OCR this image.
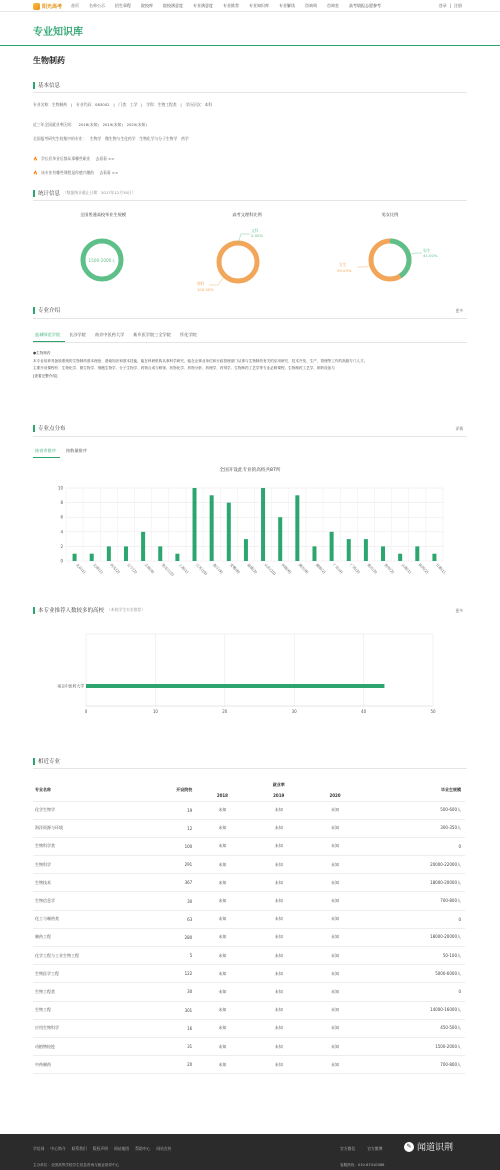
阳光高考	首页	名单公示	招生章程	院校库	院校满意度	专业满意度	专业推荐	专业知识库	专业解读	咨询周	咨询室	高考填报志愿参考	登录 | 注册
专业知识库
生物制药
基本信息
专业名称：生物制药　|　专业代码：083002　|　门类：工学　|　学科：生物工程类　|　学历层次：本科
近三年全国就业率区间：　2018(未知)　2019(未知)　2020(未知)
全国报考研究生较集中的专业：　生物学　微生物与生化药学　生物化学与分子生物学　药学
🔥 学长们毕业后都从事哪些职业 去看看 >>
🔥 该专业有哪些课程是你感兴趣的 去看看 >>
统计信息 （数据统计截止日期：2017年12月30日）
全国普通高校毕业生规模
1500-2000人
高考文理科比例
文科
0.00%
理科
100.00%
男女比例
男生
41.00%
女生
59.00%
专业介绍	更多
盐城师范学院	长沙学院	南京中医药大学	新乡医学院三全学院	怀化学院
●生物制药
本专业培养具备较系统的生物制药基本理论、基础知识和基本技能，能在科研机构从事科学研究，能在企事业单位和行政管理部门从事与生物制药有关的应用研究、技术开发、生产、管理等工作的高级专门人才。
主要开设课程有：生物化学、微生物学、细胞生物学、分子生物学、药物合成与修饰、药物化学、药物分析、药理学、药剂学、生物制药工艺学等专业必修课程，生物制药工艺学、制药设备与
[查看完整介绍]
专业点分布	详情
按省市排序	按数量排序
全国开设此专业的高校共87所
0
2
4
6
8
10
北京(1)	天津(1)	河北(2)	辽宁(2)	吉林(4)	黑龙江(2) 上海(1)	江苏(10)	浙江(9)	安徽(8)	福建(3)	山东(10)	河南(6)	湖北(9)	湖南(2)	广东(4)	广西(3)	重庆(3)	贵州(2)	云南(1)	陕西(2)	甘肃(1)
本专业推荐人数较多的高校 （本校学生实名推荐）	更多
0	10	20	30	40	50
南京中医药大学
相近专业
专业名称	开设院校	就业率			毕业生规模
		2018	2019	2020	
化学生物学	19	未知	未知	未知	500-600人
海洋资源与环境	12	未知	未知	未知	300-350人
生物科学类	100	未知	未知	未知	0
生物科学	291	未知	未知	未知	20000-22000人
生物技术	367	未知	未知	未知	18000-20000人
生物信息学	30	未知	未知	未知	700-800人
化工与制药类	63	未知	未知	未知	0
制药工程	280	未知	未知	未知	18000-20000人
化学工程与工业生物工程	5	未知	未知	未知	50-100人
生物医学工程	122	未知	未知	未知	5000-6000人
生物工程类	30	未知	未知	未知	0
生物工程	301	未知	未知	未知	14000-16000人
应用生物科学	16	未知	未知	未知	450-500人
动植物检疫	31	未知	未知	未知	1500-2000人
中药制药	20	未知	未知	未知	700-800人
学信网 中心简介 联系我们 版权声明 网站地图 帮助中心 网站宣传	官方微信	官方微博
主办单位：全国高等学校学生信息咨询与就业指导中心	客服热线：010-67410388
✎ 闻道识荆
